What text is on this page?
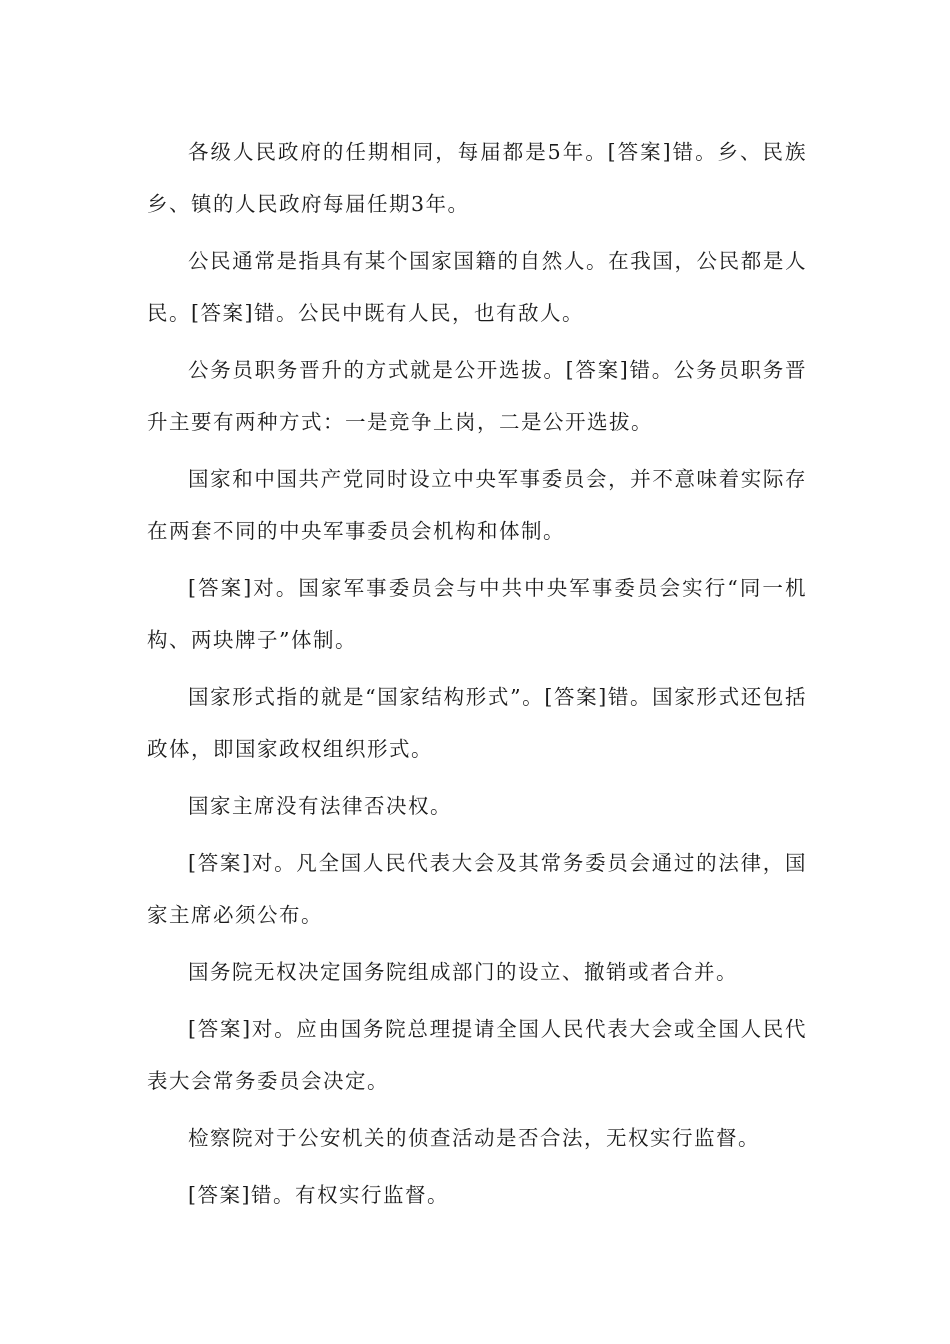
各级人民政府的任期相同，每届都是5年。[答案]错。乡、民族乡、镇的人民政府每届任期3年。

公民通常是指具有某个国家国籍的自然人。在我国，公民都是人民。[答案]错。公民中既有人民，也有敌人。

公务员职务晋升的方式就是公开选拔。[答案]错。公务员职务晋升主要有两种方式：一是竞争上岗，二是公开选拔。

国家和中国共产党同时设立中央军事委员会，并不意味着实际存在两套不同的中央军事委员会机构和体制。

[答案]对。国家军事委员会与中共中央军事委员会实行“同一机构、两块牌子”体制。

国家形式指的就是“国家结构形式”。[答案]错。国家形式还包括政体，即国家政权组织形式。

国家主席没有法律否决权。

[答案]对。凡全国人民代表大会及其常务委员会通过的法律，国家主席必须公布。

国务院无权决定国务院组成部门的设立、撤销或者合并。

[答案]对。应由国务院总理提请全国人民代表大会或全国人民代表大会常务委员会决定。

检察院对于公安机关的侦查活动是否合法，无权实行监督。

[答案]错。有权实行监督。
